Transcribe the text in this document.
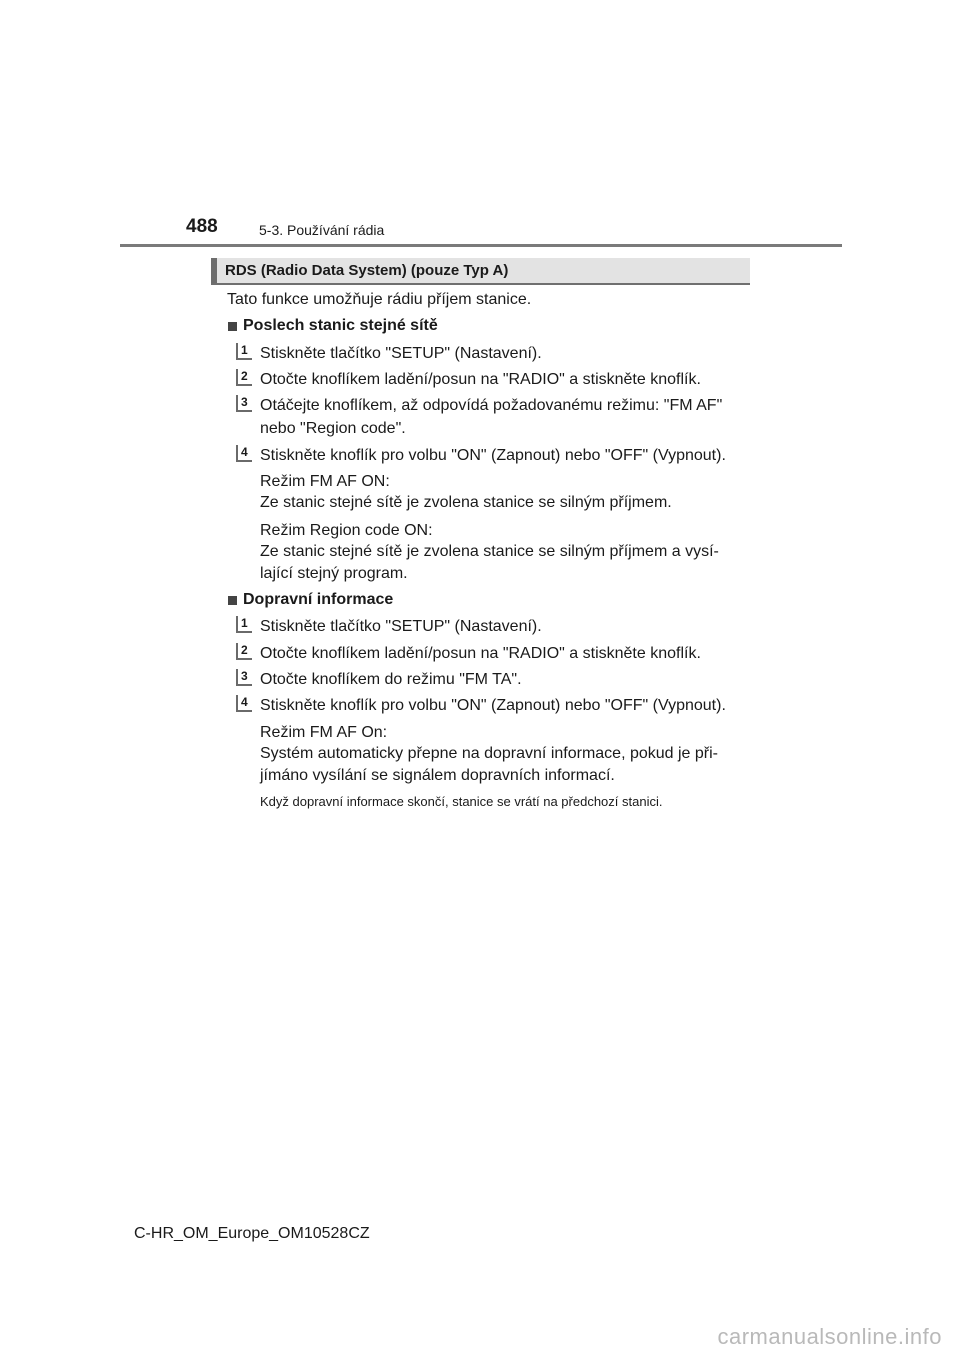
488	5-3. Používání rádia
RDS (Radio Data System) (pouze Typ A)
Tato funkce umožňuje rádiu příjem stanice.
Poslech stanic stejné sítě
1 Stiskněte tlačítko "SETUP" (Nastavení).
2 Otočte knoflíkem ladění/posun na "RADIO" a stiskněte knoflík.
3 Otáčejte knoflíkem, až odpovídá požadovanému režimu: "FM AF"
nebo "Region code".
4 Stiskněte knoflík pro volbu "ON" (Zapnout) nebo "OFF" (Vypnout).
Režim FM AF ON:
Ze stanic stejné sítě je zvolena stanice se silným příjmem.
Režim Region code ON:
Ze stanic stejné sítě je zvolena stanice se silným příjmem a vysí-
lající stejný program.
Dopravní informace
1 Stiskněte tlačítko "SETUP" (Nastavení).
2 Otočte knoflíkem ladění/posun na "RADIO" a stiskněte knoflík.
3 Otočte knoflíkem do režimu "FM TA".
4 Stiskněte knoflík pro volbu "ON" (Zapnout) nebo "OFF" (Vypnout).
Režim FM AF On:
Systém automaticky přepne na dopravní informace, pokud je při-
jímáno vysílání se signálem dopravních informací.
Když dopravní informace skončí, stanice se vrátí na předchozí stanici.
C-HR_OM_Europe_OM10528CZ
carmanualsonline.info
